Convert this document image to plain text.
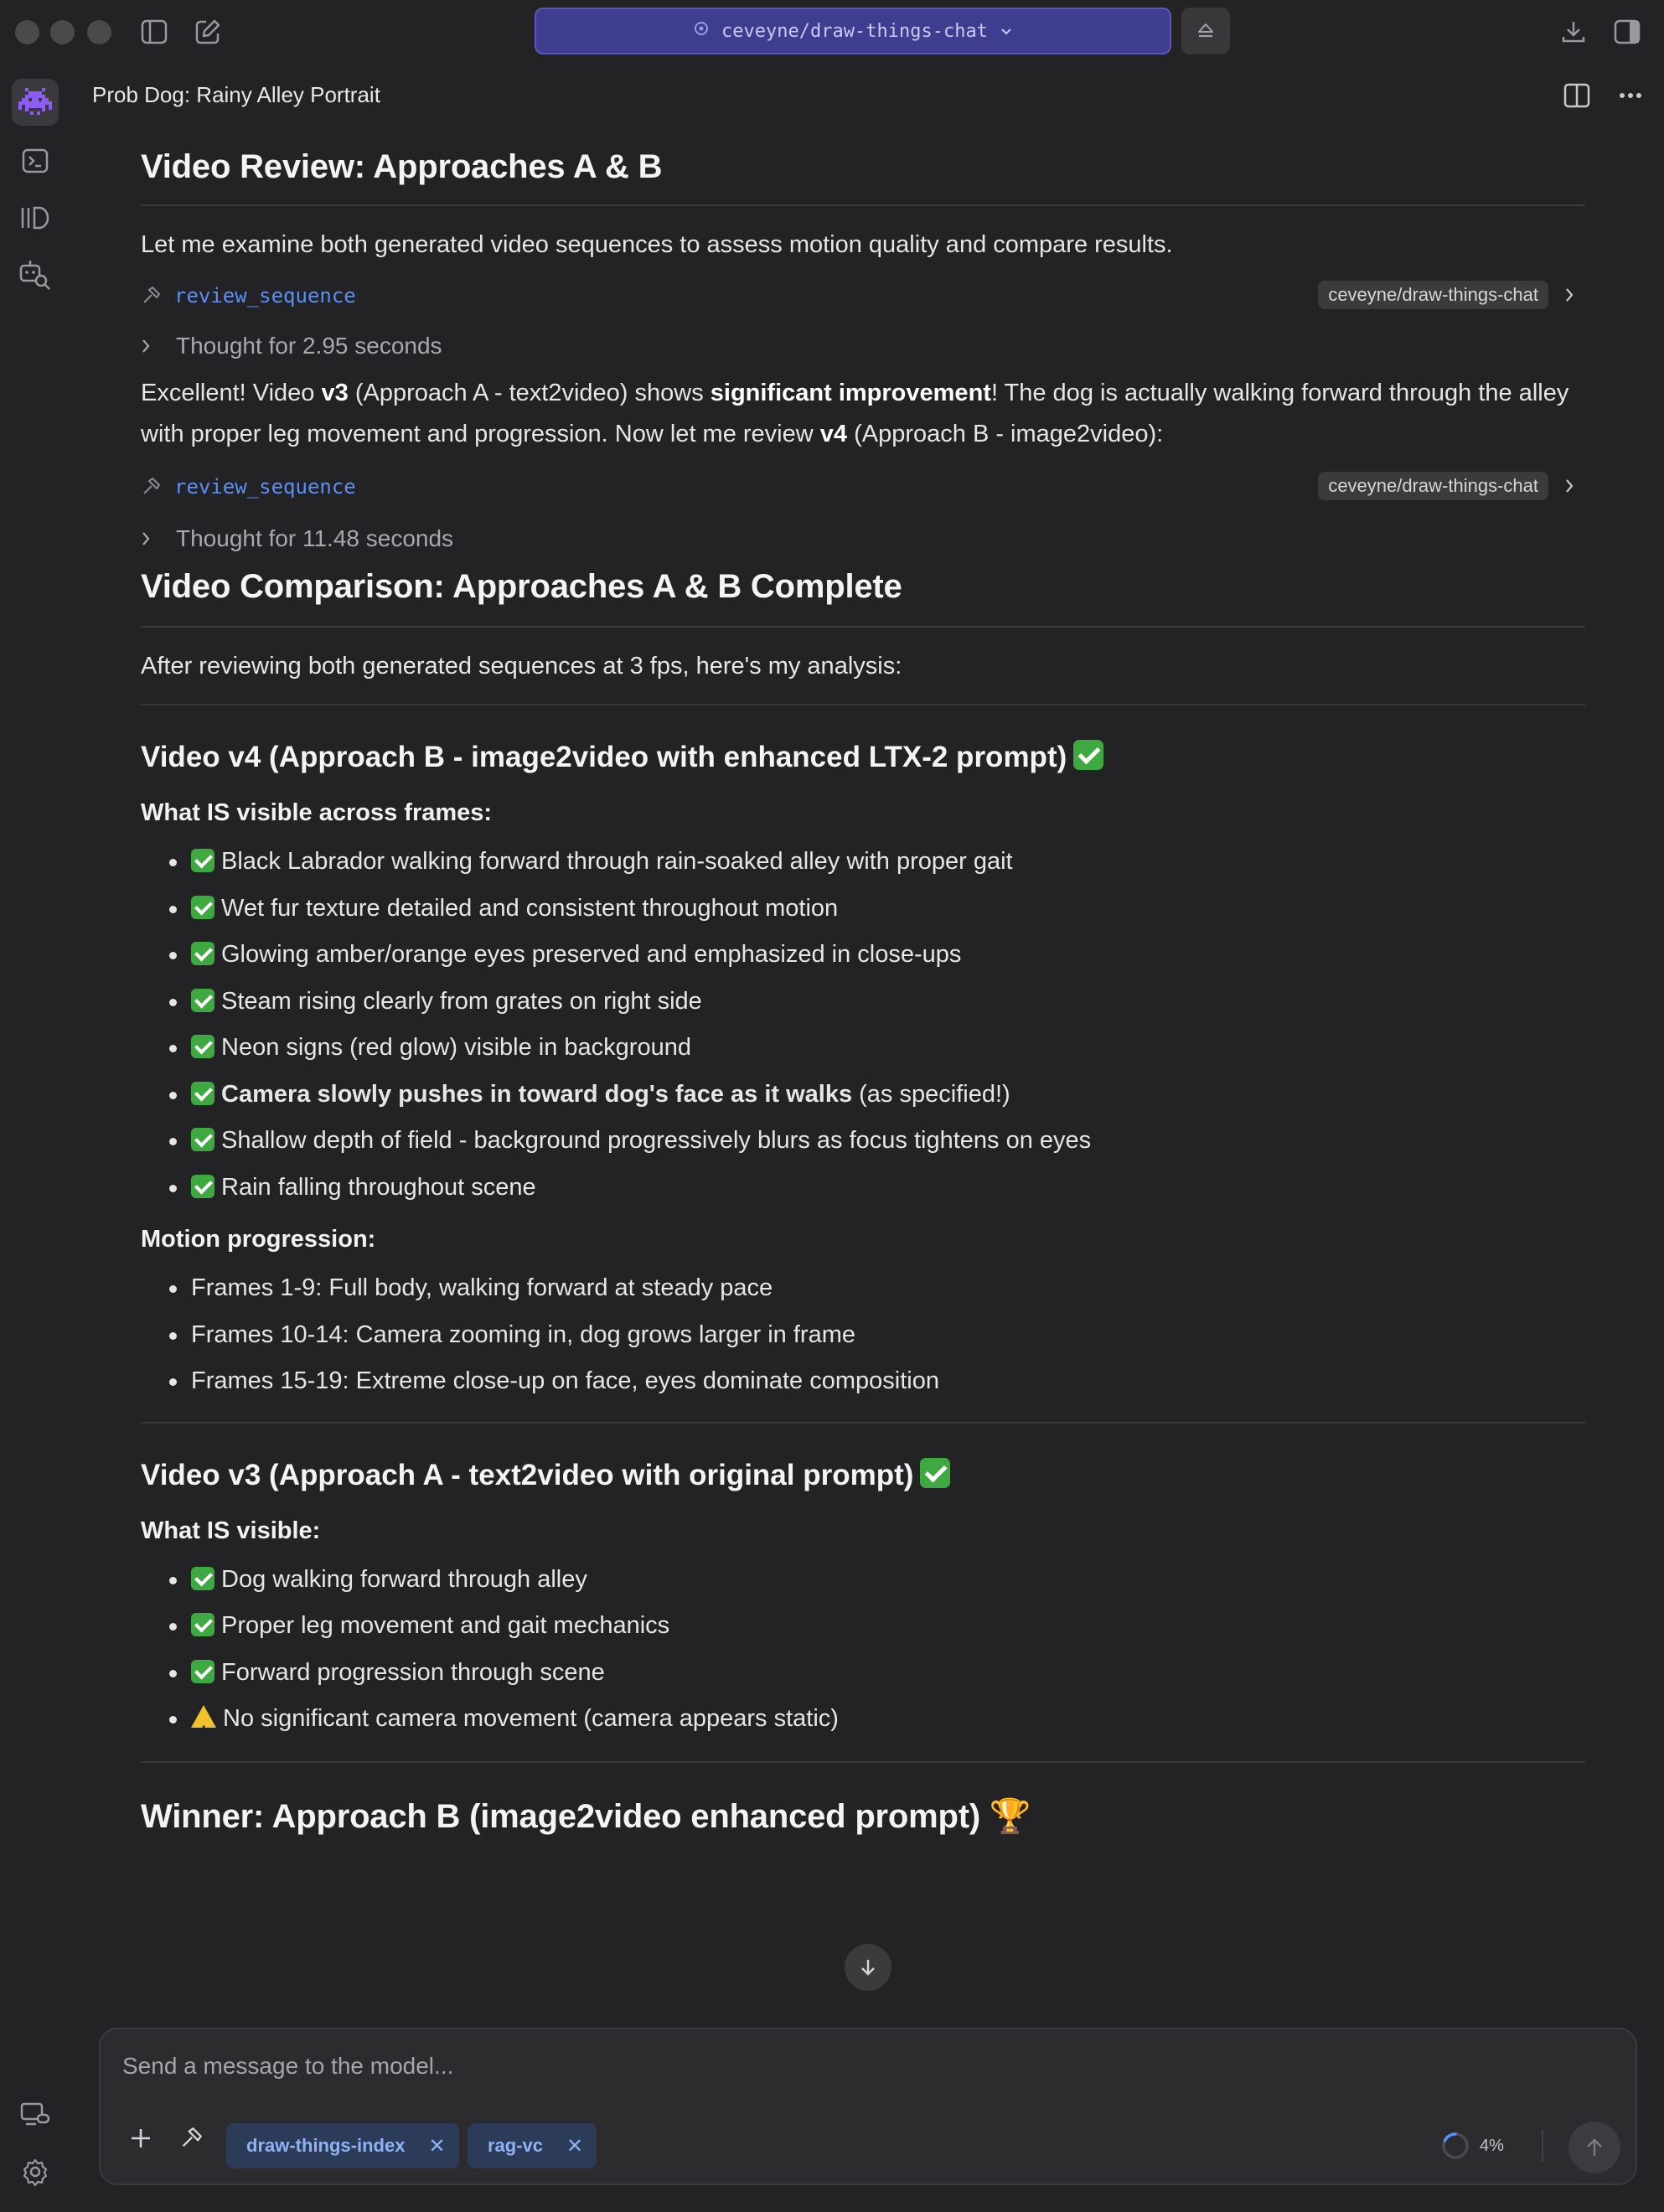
ceveyne/draw-things-chat
Prob Dog: Rainy Alley Portrait
Video Review: Approaches A & B
Let me examine both generated video sequences to assess motion quality and compare results.
review_sequence	ceveyne/draw-things-chat
Thought for 2.95 seconds
Excellent! Video v3 (Approach A - text2video) shows significant improvement! The dog is actually walking forward through the alley with proper leg movement and progression. Now let me review v4 (Approach B - image2video):
review_sequence	ceveyne/draw-things-chat
Thought for 11.48 seconds
Video Comparison: Approaches A & B Complete
After reviewing both generated sequences at 3 fps, here's my analysis:
Video v4 (Approach B - image2video with enhanced LTX-2 prompt)
What IS visible across frames:
Black Labrador walking forward through rain-soaked alley with proper gait
Wet fur texture detailed and consistent throughout motion
Glowing amber/orange eyes preserved and emphasized in close-ups
Steam rising clearly from grates on right side
Neon signs (red glow) visible in background
Camera slowly pushes in toward dog's face as it walks (as specified!)
Shallow depth of field - background progressively blurs as focus tightens on eyes
Rain falling throughout scene
Motion progression:
Frames 1-9: Full body, walking forward at steady pace
Frames 10-14: Camera zooming in, dog grows larger in frame
Frames 15-19: Extreme close-up on face, eyes dominate composition
Video v3 (Approach A - text2video with original prompt)
What IS visible:
Dog walking forward through alley
Proper leg movement and gait mechanics
Forward progression through scene
!No significant camera movement (camera appears static)
Winner: Approach B (image2video enhanced prompt) 🏆
Send a message to the model...
draw-things-index ✕ rag-vc ✕	4%
